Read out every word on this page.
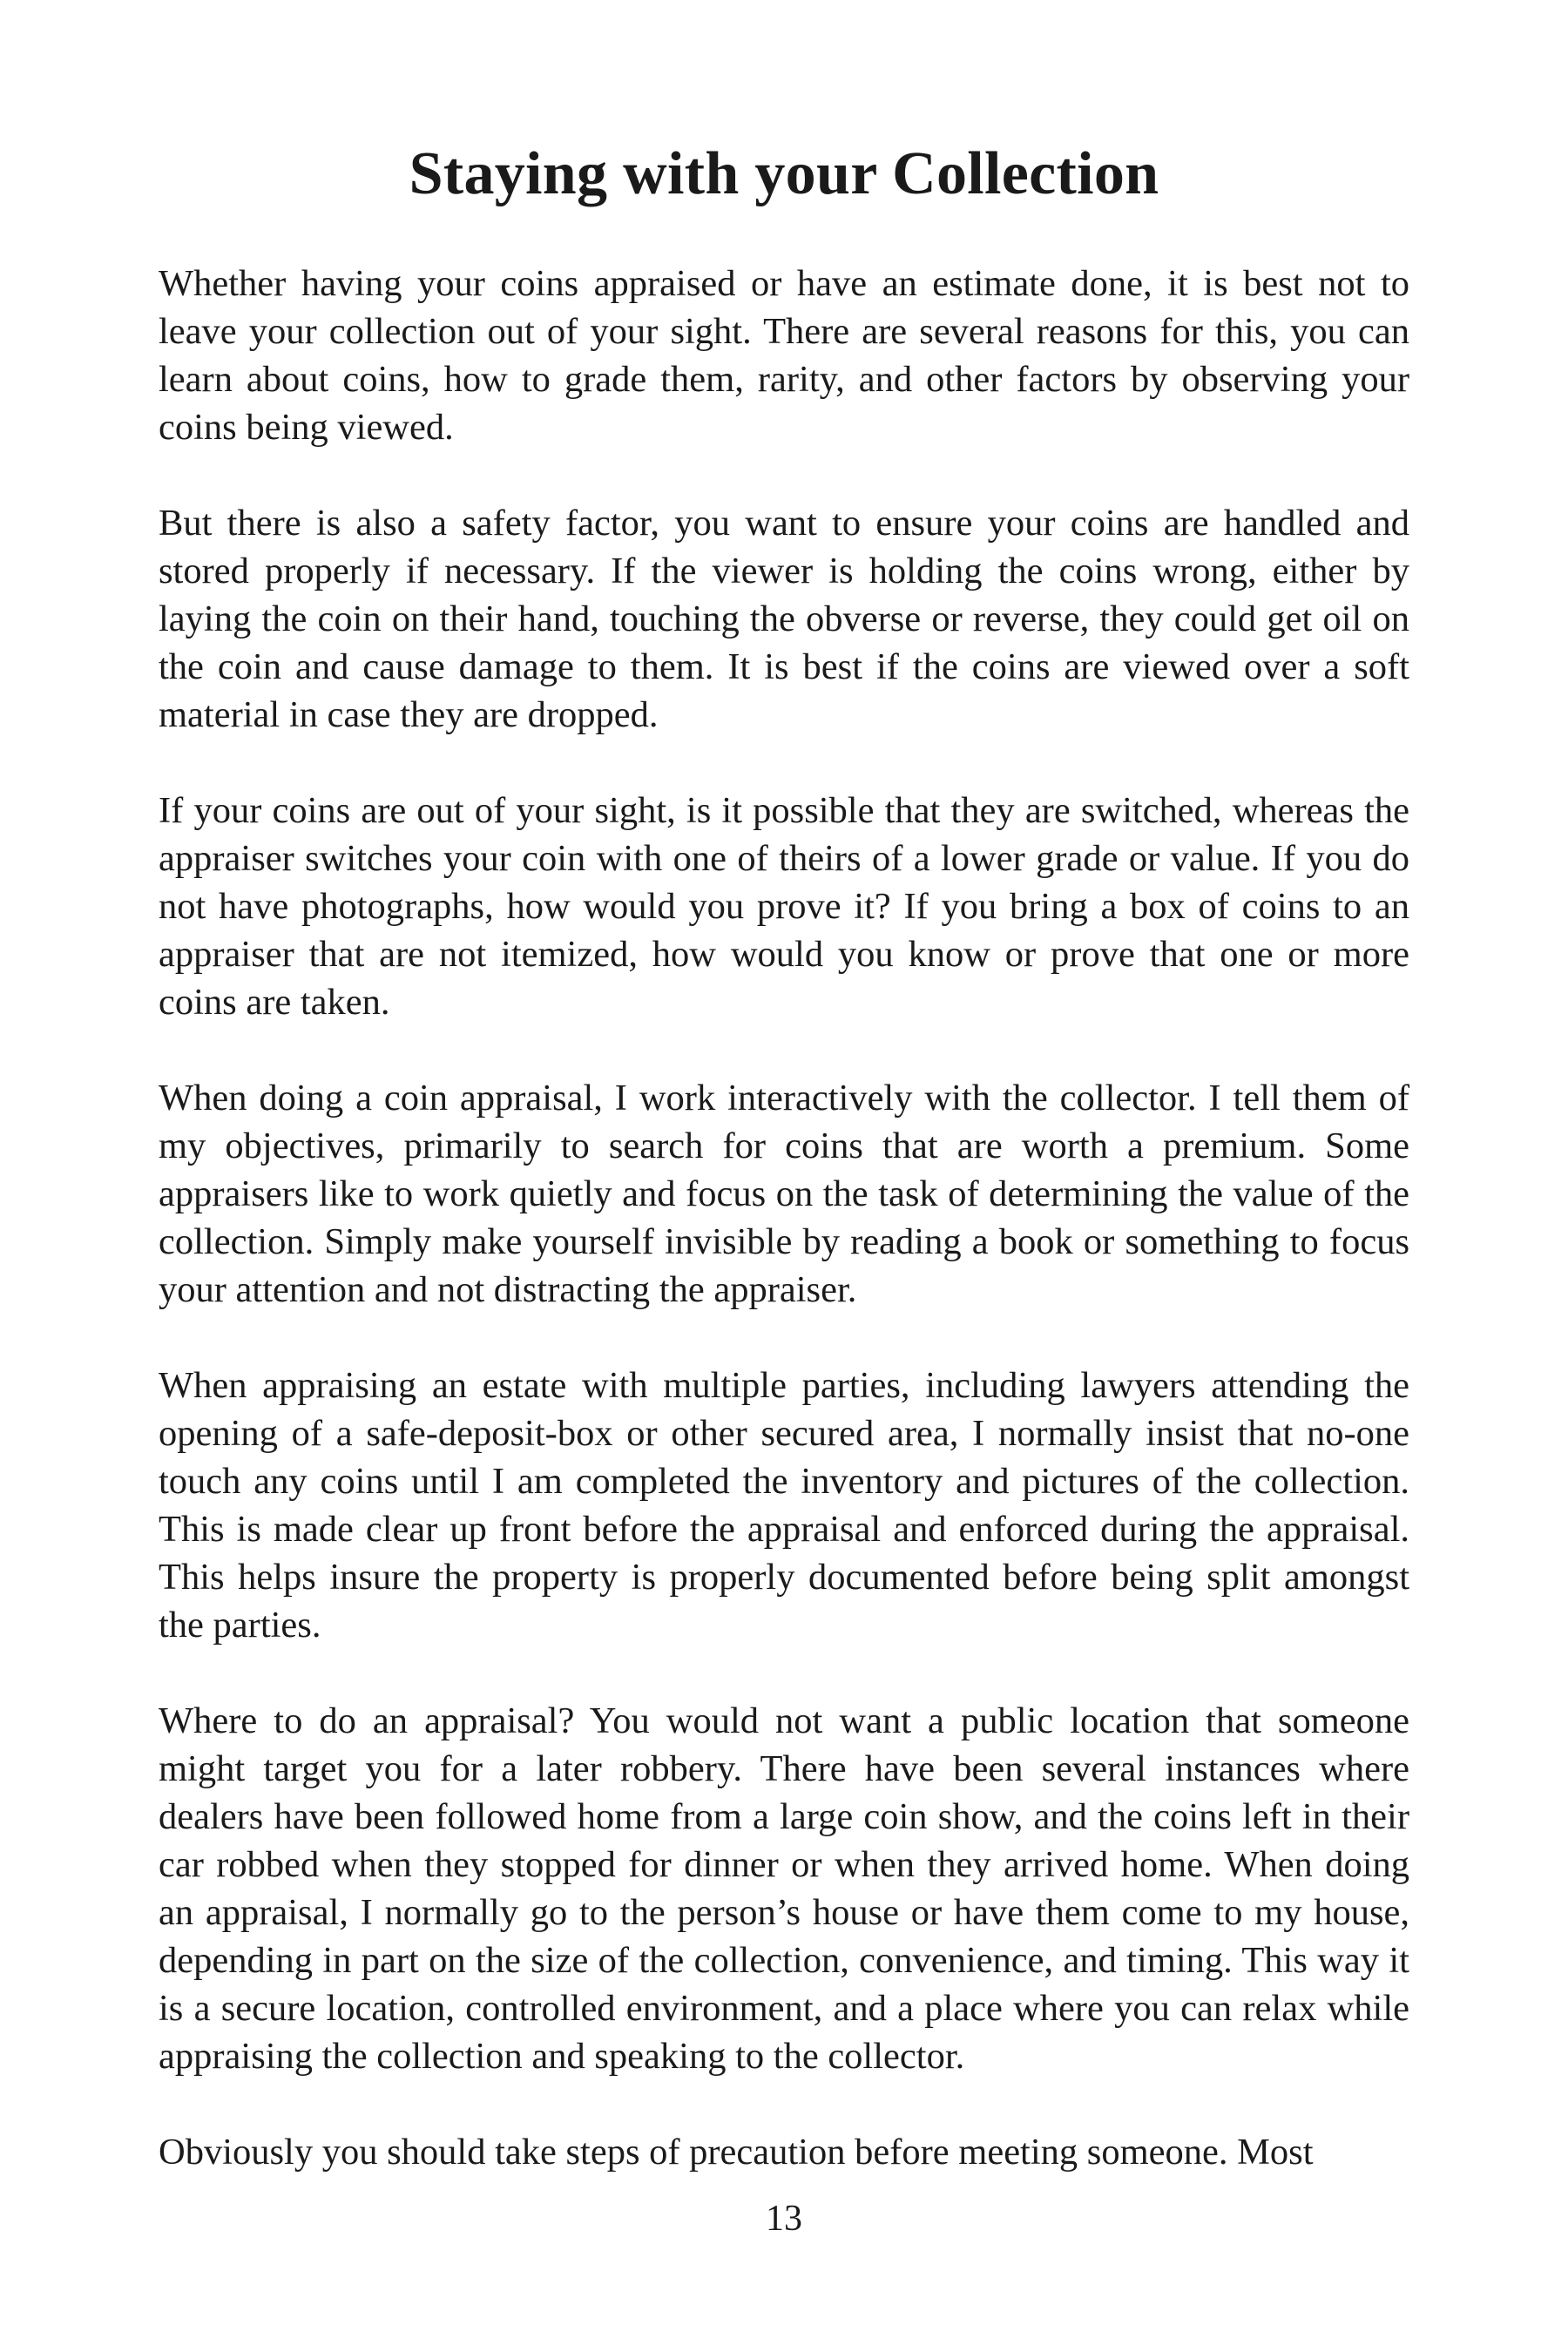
Staying with your Collection

Whether having your coins appraised or have an estimate done, it is best not to leave your collection out of your sight. There are several reasons for this, you can learn about coins, how to grade them, rarity, and other factors by observing your coins being viewed.

But there is also a safety factor, you want to ensure your coins are handled and stored properly if necessary. If the viewer is holding the coins wrong, either by laying the coin on their hand, touching the obverse or reverse, they could get oil on the coin and cause damage to them. It is best if the coins are viewed over a soft material in case they are dropped.

If your coins are out of your sight, is it possible that they are switched, whereas the appraiser switches your coin with one of theirs of a lower grade or value. If you do not have photographs, how would you prove it? If you bring a box of coins to an appraiser that are not itemized, how would you know or prove that one or more coins are taken.

When doing a coin appraisal, I work interactively with the collector. I tell them of my objectives, primarily to search for coins that are worth a premium. Some appraisers like to work quietly and focus on the task of determining the value of the collection. Simply make yourself invisible by reading a book or something to focus your attention and not distracting the appraiser.

When appraising an estate with multiple parties, including lawyers attending the opening of a safe-deposit-box or other secured area, I normally insist that no-one touch any coins until I am completed the inventory and pictures of the collection. This is made clear up front before the appraisal and enforced during the appraisal. This helps insure the property is properly documented before being split amongst the parties.

Where to do an appraisal? You would not want a public location that someone might target you for a later robbery. There have been several instances where dealers have been followed home from a large coin show, and the coins left in their car robbed when they stopped for dinner or when they arrived home. When doing an appraisal, I normally go to the person’s house or have them come to my house, depending in part on the size of the collection, convenience, and timing. This way it is a secure location, controlled environment, and a place where you can relax while appraising the collection and speaking to the collector.

Obviously you should take steps of precaution before meeting someone. Most

13
